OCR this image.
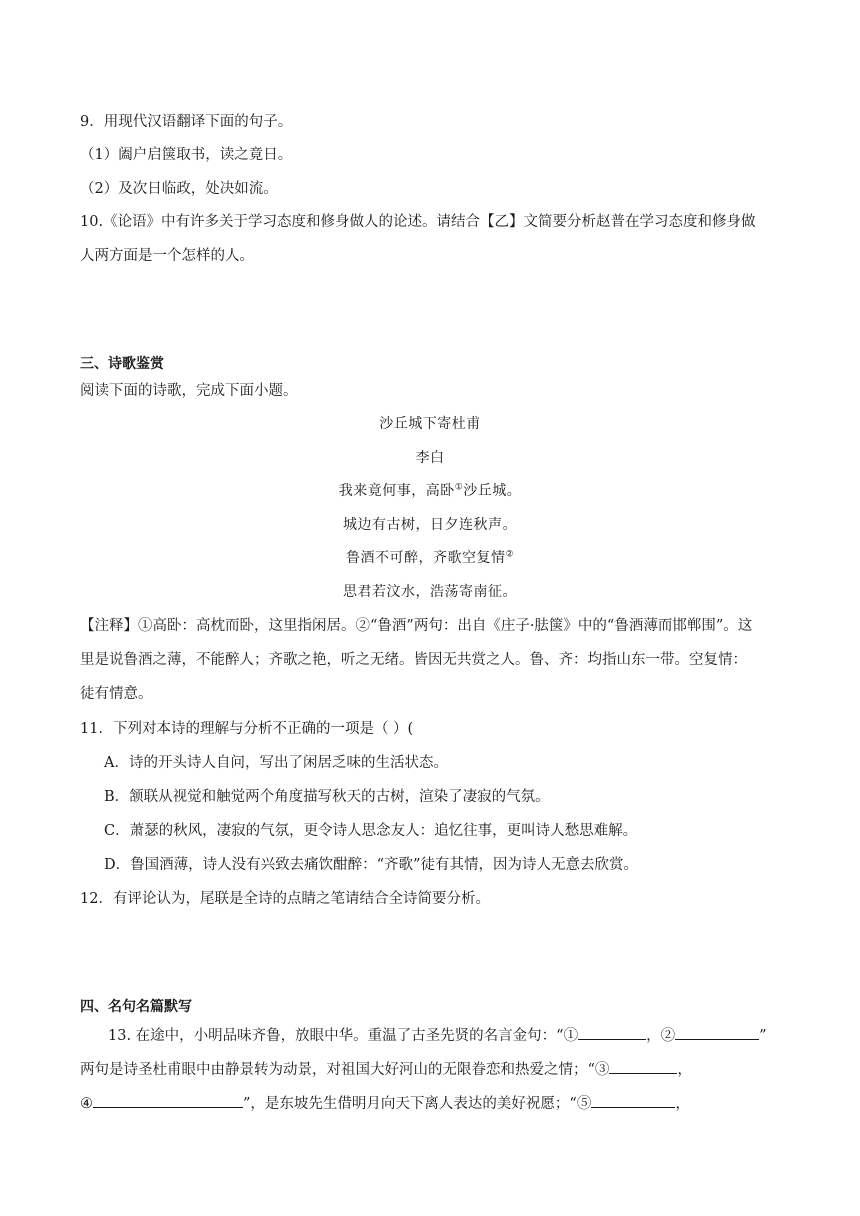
9．用现代汉语翻译下面的句子。
（1）阖户启箧取书，读之竟日。
（2）及次日临政，处决如流。
10.《论语》中有许多关于学习态度和修身做人的论述。请结合【乙】文简要分析赵普在学习态度和修身做
人两方面是一个怎样的人。
三、诗歌鉴赏
阅读下面的诗歌，完成下面小题。
沙丘城下寄杜甫
李白
我来竟何事，高卧①沙丘城。
城边有古树，日夕连秋声。
鲁酒不可醉，齐歌空复情②
思君若汶水，浩荡寄南征。
【注释】①高卧：高枕而卧，这里指闲居。②“鲁酒”两句：出自《庄子·胠箧》中的“鲁酒薄而邯郸围”。这
里是说鲁酒之薄，不能醉人；齐歌之艳，听之无绪。皆因无共赏之人。鲁、齐：均指山东一带。空复情：
徒有情意。
11．下列对本诗的理解与分析不正确的一项是（ ）(
A．诗的开头诗人自问，写出了闲居乏味的生活状态。
B．颔联从视觉和触觉两个角度描写秋天的古树，渲染了凄寂的气氛。
C．萧瑟的秋风，凄寂的气氛，更令诗人思念友人：追忆往事，更叫诗人愁思难解。
D．鲁国酒薄，诗人没有兴致去痛饮酣醉：“齐歌”徒有其情，因为诗人无意去欣赏。
12．有评论认为，尾联是全诗的点睛之笔请结合全诗简要分析。
四、名句名篇默写
13. 在途中，小明品味齐鲁，放眼中华。重温了古圣先贤的名言金句：“①	，②	”
两句是诗圣杜甫眼中由静景转为动景，对祖国大好河山的无限眷恋和热爱之情；“③	，
④	”，是东坡先生借明月向天下离人表达的美好祝愿；“⑤	，
